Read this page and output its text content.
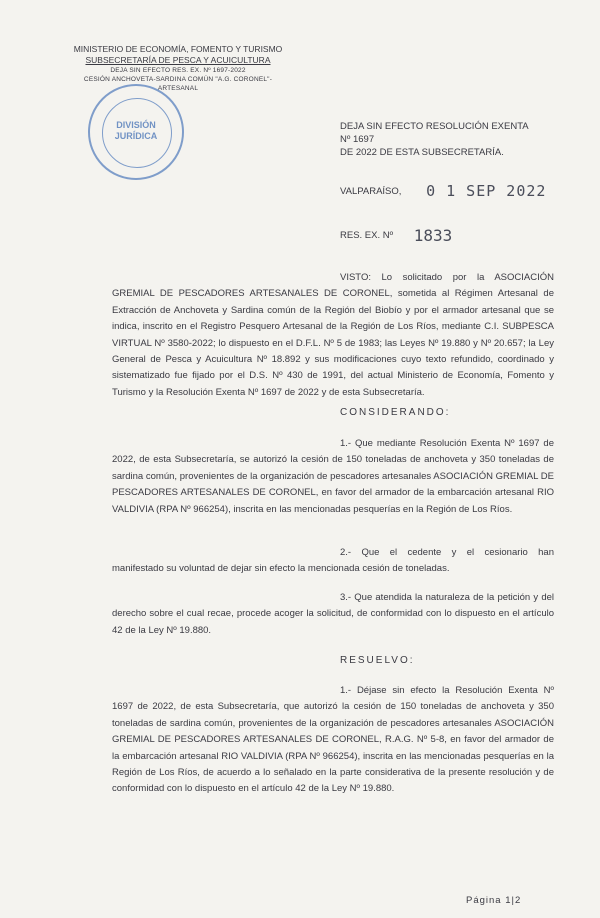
MINISTERIO DE ECONOMÍA, FOMENTO Y TURISMO
SUBSECRETARÍA DE PESCA Y ACUICULTURA
DEJA SIN EFECTO RES. EX. Nº 1697-2022
CESIÓN ANCHOVETA-SARDINA COMÚN "A.G. CORONEL"-
ARTESANAL
DIVISIÓN
JURÍDICA
DEJA SIN EFECTO RESOLUCIÓN EXENTA Nº 1697
DE 2022 DE ESTA SUBSECRETARÍA.
VALPARAÍSO, 0 1 SEP 2022
RES. EX. Nº 1833
VISTO: Lo solicitado por la ASOCIACIÓN GREMIAL DE PESCADORES ARTESANALES DE CORONEL, sometida al Régimen Artesanal de Extracción de Anchoveta y Sardina común de la Región del Biobío y por el armador artesanal que se indica, inscrito en el Registro Pesquero Artesanal de la Región de Los Ríos, mediante C.I. SUBPESCA VIRTUAL Nº 3580-2022; lo dispuesto en el D.F.L. Nº 5 de 1983; las Leyes Nº 19.880 y Nº 20.657; la Ley General de Pesca y Acuicultura Nº 18.892 y sus modificaciones cuyo texto refundido, coordinado y sistematizado fue fijado por el D.S. Nº 430 de 1991, del actual Ministerio de Economía, Fomento y Turismo y la Resolución Exenta Nº 1697 de 2022 y de esta Subsecretaría.
CONSIDERANDO:
1.- Que mediante Resolución Exenta Nº 1697 de 2022, de esta Subsecretaría, se autorizó la cesión de 150 toneladas de anchoveta y 350 toneladas de sardina común, provenientes de la organización de pescadores artesanales ASOCIACIÓN GREMIAL DE PESCADORES ARTESANALES DE CORONEL, en favor del armador de la embarcación artesanal RIO VALDIVIA (RPA Nº 966254), inscrita en las mencionadas pesquerías en la Región de Los Ríos.
2.- Que el cedente y el cesionario han manifestado su voluntad de dejar sin efecto la mencionada cesión de toneladas.
3.- Que atendida la naturaleza de la petición y del derecho sobre el cual recae, procede acoger la solicitud, de conformidad con lo dispuesto en el artículo 42 de la Ley Nº 19.880.
RESUELVO:
1.- Déjase sin efecto la Resolución Exenta Nº 1697 de 2022, de esta Subsecretaría, que autorizó la cesión de 150 toneladas de anchoveta y 350 toneladas de sardina común, provenientes de la organización de pescadores artesanales ASOCIACIÓN GREMIAL DE PESCADORES ARTESANALES DE CORONEL, R.A.G. Nº 5-8, en favor del armador de la embarcación artesanal RIO VALDIVIA (RPA Nº 966254), inscrita en las mencionadas pesquerías en la Región de Los Ríos, de acuerdo a lo señalado en la parte considerativa de la presente resolución y de conformidad con lo dispuesto en el artículo 42 de la Ley Nº 19.880.
Página 1|2
